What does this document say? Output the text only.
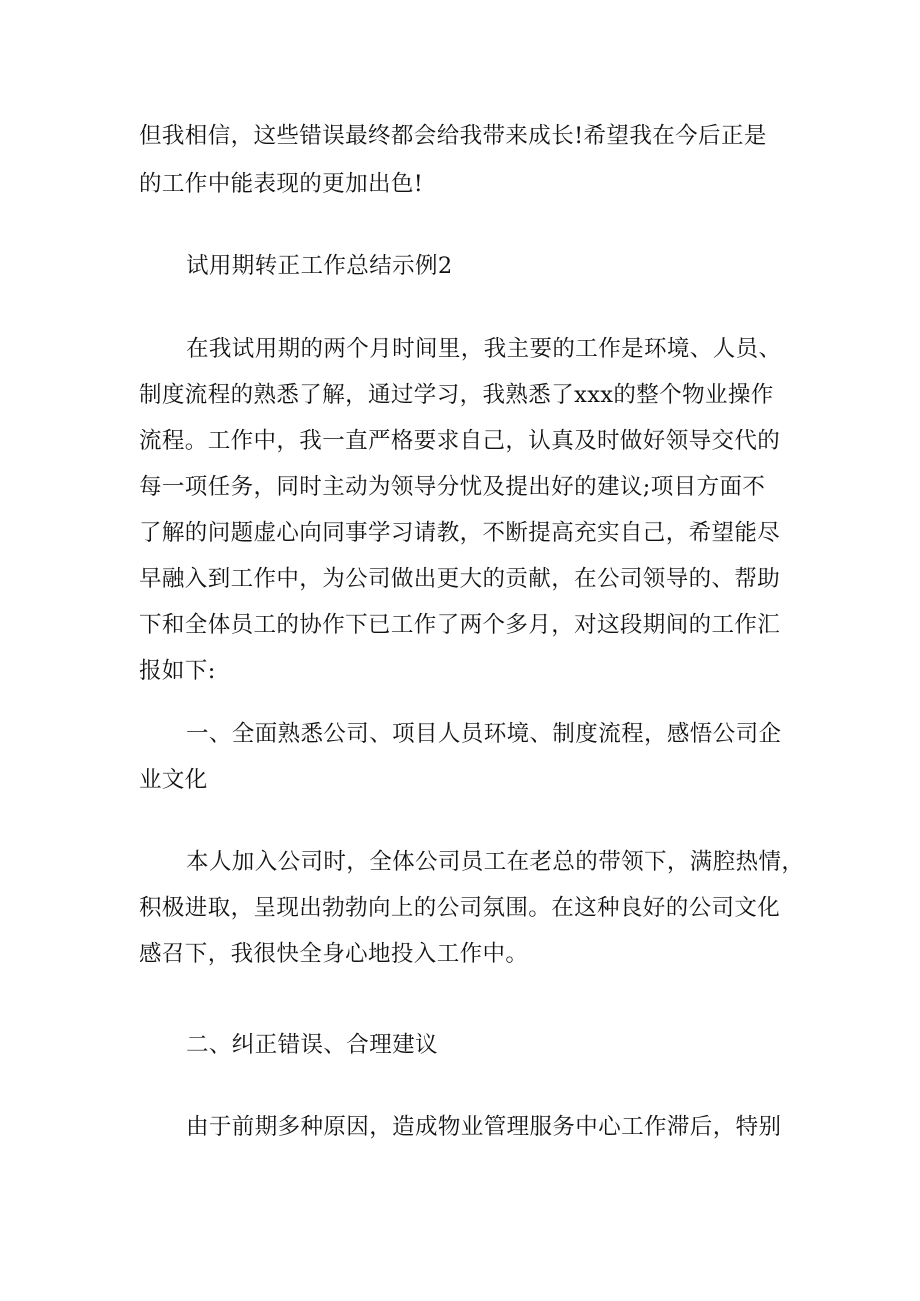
但我相信，这些错误最终都会给我带来成长!希望我在今后正是
的工作中能表现的更加出色!
试用期转正工作总结示例2
在我试用期的两个月时间里，我主要的工作是环境、人员、
制度流程的熟悉了解，通过学习，我熟悉了xxx的整个物业操作
流程。工作中，我一直严格要求自己，认真及时做好领导交代的
每一项任务，同时主动为领导分忧及提出好的建议;项目方面不
了解的问题虚心向同事学习请教，不断提高充实自己，希望能尽
早融入到工作中，为公司做出更大的贡献，在公司领导的、帮助
下和全体员工的协作下已工作了两个多月，对这段期间的工作汇
报如下:
一、全面熟悉公司、项目人员环境、制度流程，感悟公司企
业文化
本人加入公司时，全体公司员工在老总的带领下，满腔热情，
积极进取，呈现出勃勃向上的公司氛围。在这种良好的公司文化
感召下，我很快全身心地投入工作中。
二、纠正错误、合理建议
由于前期多种原因，造成物业管理服务中心工作滞后，特别
